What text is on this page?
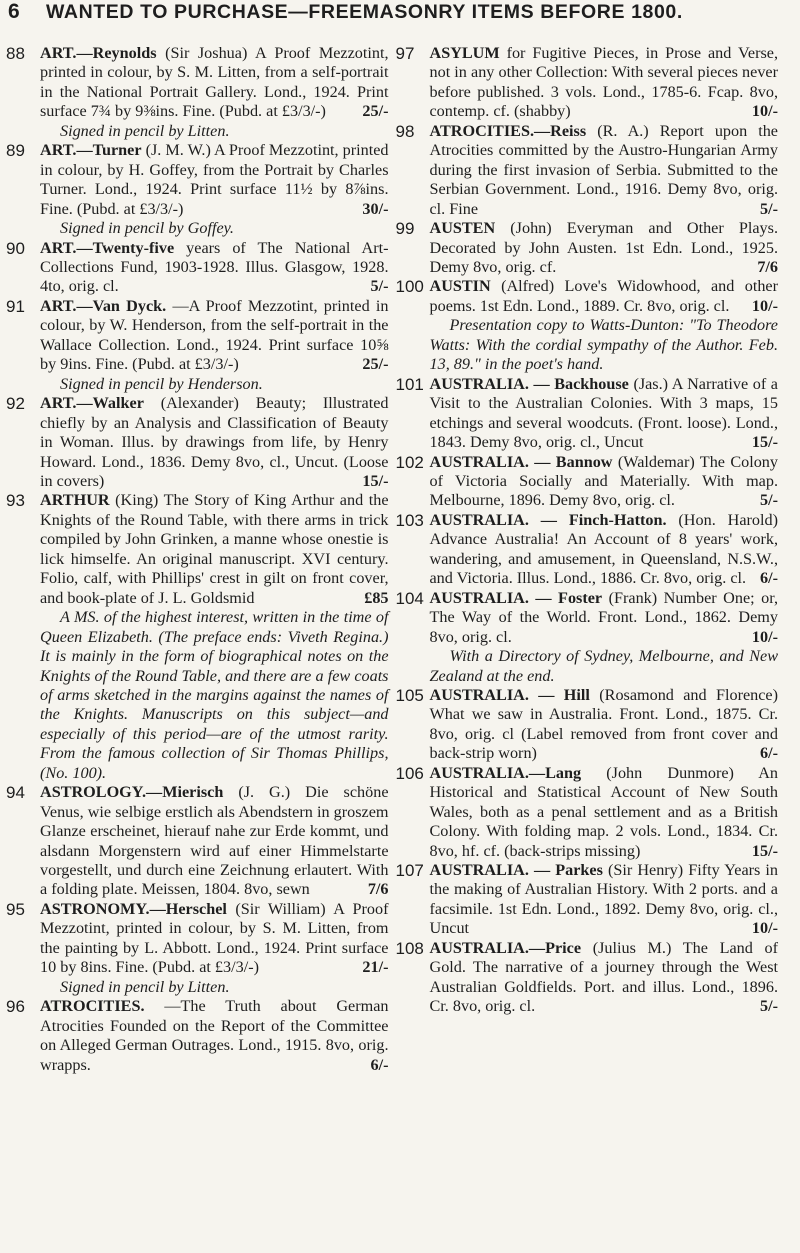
6	WANTED TO PURCHASE—FREEMASONRY ITEMS BEFORE 1800.
88 ART.—Reynolds (Sir Joshua) A Proof Mezzotint, printed in colour, by S. M. Litten, from a self-portrait in the National Portrait Gallery. Lond., 1924. Print surface 7¾ by 9⅜ins. Fine. (Pubd. at £3/3/-) 25/-

Signed in pencil by Litten.

89 ART.—Turner (J. M. W.) A Proof Mezzotint, printed in colour, by H. Goffey, from the Portrait by Charles Turner. Lond., 1924. Print surface 11½ by 8⅞ins. Fine. (Pubd. at £3/3/-)	30/-

Signed in pencil by Goffey.

90 ART.—Twenty-five years of The National Art-Collections Fund, 1903-1928. Illus. Glasgow, 1928. 4to, orig. cl.	5/-

91 ART.—Van Dyck. —A Proof Mezzotint, printed in colour, by W. Henderson, from the self-portrait in the Wallace Collection. Lond., 1924. Print surface 10⅝ by 9ins. Fine. (Pubd. at £3/3/-)	25/-

Signed in pencil by Henderson.

92 ART.—Walker (Alexander) Beauty; Illustrated chiefly by an Analysis and Classification of Beauty in Woman. Illus. by drawings from life, by Henry Howard. Lond., 1836. Demy 8vo, cl., Uncut. (Loose in covers)	15/-

93 ARTHUR (King) The Story of King Arthur and the Knights of the Round Table, with there arms in trick compiled by John Grinken, a manne whose onestie is lick himselfe. An original manuscript. XVI century. Folio, calf, with Phillips' crest in gilt on front cover, and book-plate of J. L. Goldsmid	£85

A MS. of the highest interest, written in the time of Queen Elizabeth. (The preface ends: Viveth Regina.) It is mainly in the form of biographical notes on the Knights of the Round Table, and there are a few coats of arms sketched in the margins against the names of the Knights. Manuscripts on this subject—and especially of this period—are of the utmost rarity. From the famous collection of Sir Thomas Phillips, (No. 100).

94 ASTROLOGY.—Mierisch (J. G.) Die schöne Venus, wie selbige erstlich als Abendstern in groszem Glanze erscheinet, hierauf nahe zur Erde kommt, und alsdann Morgenstern wird auf einer Himmelstarte vorgestellt, und durch eine Zeichnung erlautert. With a folding plate. Meissen, 1804. 8vo, sewn	7/6

95 ASTRONOMY.—Herschel (Sir William) A Proof Mezzotint, printed in colour, by S. M. Litten, from the painting by L. Abbott. Lond., 1924. Print surface 10 by 8ins. Fine. (Pubd. at £3/3/-)	21/-

Signed in pencil by Litten.

96 ATROCITIES. —The Truth about German Atrocities Founded on the Report of the Committee on Alleged German Outrages. Lond., 1915. 8vo, orig. wrapps.	6/-

97 ASYLUM for Fugitive Pieces, in Prose and Verse, not in any other Collection: With several pieces never before published. 3 vols. Lond., 1785-6. Fcap. 8vo, contemp. cf. (shabby)	10/-

98 ATROCITIES.—Reiss (R. A.) Report upon the Atrocities committed by the Austro-Hungarian Army during the first invasion of Serbia. Submitted to the Serbian Government. Lond., 1916. Demy 8vo, orig. cl. Fine	5/-

99 AUSTEN (John) Everyman and Other Plays. Decorated by John Austen. 1st Edn. Lond., 1925. Demy 8vo, orig. cf.	7/6

100 AUSTIN (Alfred) Love's Widowhood, and other poems. 1st Edn. Lond., 1889. Cr. 8vo, orig. cl. 10/-

Presentation copy to Watts-Dunton: "To Theodore Watts: With the cordial sympathy of the Author. Feb. 13, 89." in the poet's hand.

101 AUSTRALIA. — Backhouse (Jas.) A Narrative of a Visit to the Australian Colonies. With 3 maps, 15 etchings and several woodcuts. (Front. loose). Lond., 1843. Demy 8vo, orig. cl., Uncut	15/-

102 AUSTRALIA. — Bannow (Waldemar) The Colony of Victoria Socially and Materially. With map. Melbourne, 1896. Demy 8vo, orig. cl.	5/-

103 AUSTRALIA. — Finch-Hatton. (Hon. Harold) Advance Australia! An Account of 8 years' work, wandering, and amusement, in Queensland, N.S.W., and Victoria. Illus. Lond., 1886. Cr. 8vo, orig. cl. 6/-

104 AUSTRALIA. — Foster (Frank) Number One; or, The Way of the World. Front. Lond., 1862. Demy 8vo, orig. cl.	10/-

With a Directory of Sydney, Melbourne, and New Zealand at the end.

105 AUSTRALIA. — Hill (Rosamond and Florence) What we saw in Australia. Front. Lond., 1875. Cr. 8vo, orig. cl (Label removed from front cover and back-strip worn)	6/-

106 AUSTRALIA.—Lang (John Dunmore) An Historical and Statistical Account of New South Wales, both as a penal settlement and as a British Colony. With folding map. 2 vols. Lond., 1834. Cr. 8vo, hf. cf. (back-strips missing)	15/-

107 AUSTRALIA. — Parkes (Sir Henry) Fifty Years in the making of Australian History. With 2 ports. and a facsimile. 1st Edn. Lond., 1892. Demy 8vo, orig. cl., Uncut	10/-

108 AUSTRALIA.—Price (Julius M.) The Land of Gold. The narrative of a journey through the West Australian Goldfields. Port. and illus. Lond., 1896. Cr. 8vo, orig. cl.	5/-
